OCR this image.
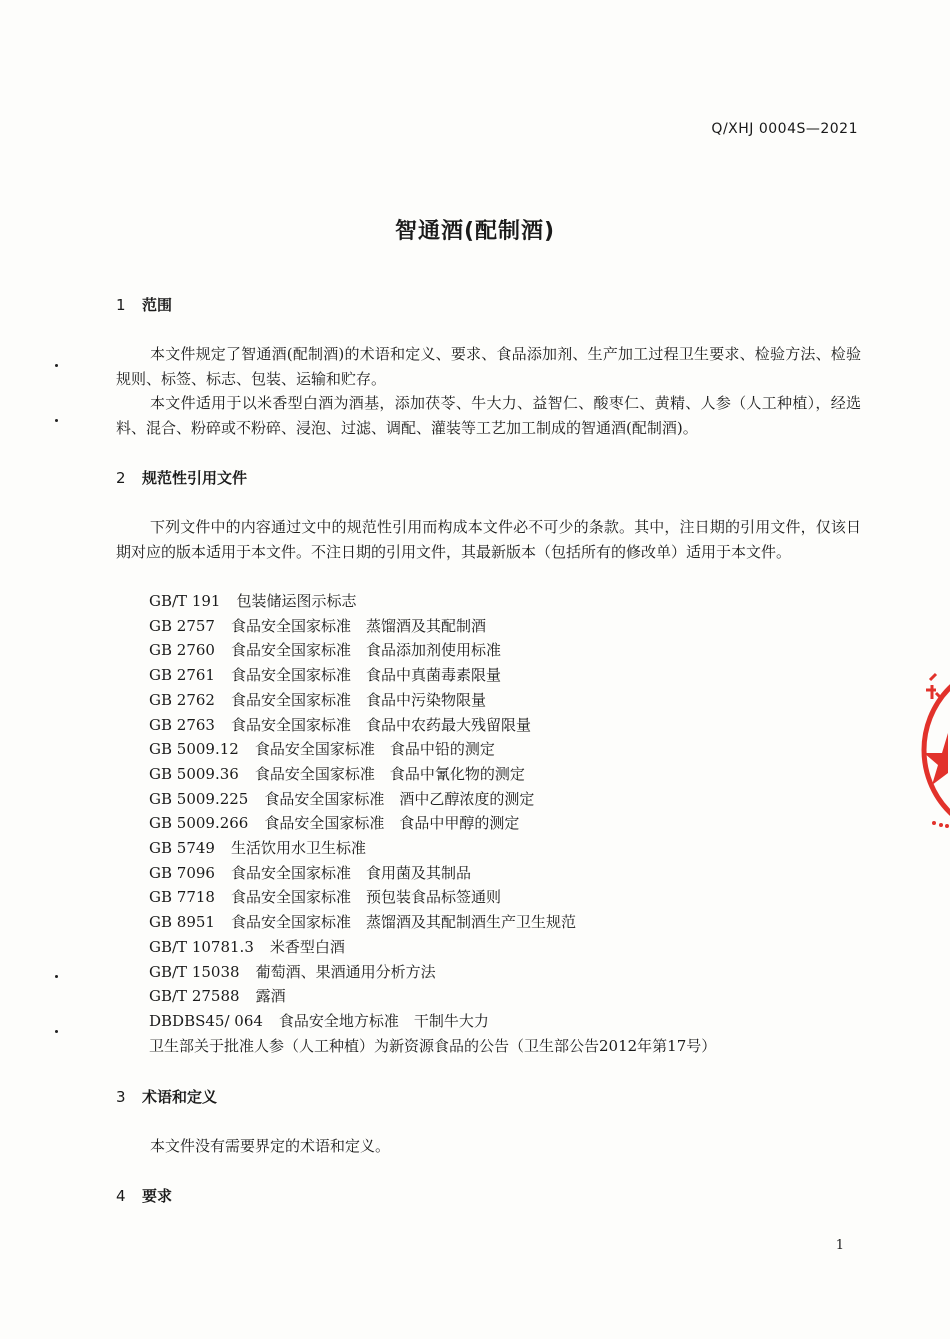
Q/XHJ 0004S—2021
智通酒(配制酒)
1 范围
本文件规定了智通酒(配制酒)的术语和定义、要求、食品添加剂、生产加工过程卫生要求、检验方法、检验规则、标签、标志、包装、运输和贮存。
本文件适用于以米香型白酒为酒基，添加茯苓、牛大力、益智仁、酸枣仁、黄精、人参（人工种植），经选料、混合、粉碎或不粉碎、浸泡、过滤、调配、灌装等工艺加工制成的智通酒(配制酒)。
2 规范性引用文件
下列文件中的内容通过文中的规范性引用而构成本文件必不可少的条款。其中，注日期的引用文件，仅该日期对应的版本适用于本文件。不注日期的引用文件，其最新版本（包括所有的修改单）适用于本文件。
GB/T 191 包装储运图示标志
GB 2757 食品安全国家标准　蒸馏酒及其配制酒
GB 2760 食品安全国家标准　食品添加剂使用标准
GB 2761 食品安全国家标准　食品中真菌毒素限量
GB 2762 食品安全国家标准　食品中污染物限量
GB 2763 食品安全国家标准　食品中农药最大残留限量
GB 5009.12 食品安全国家标准　食品中铅的测定
GB 5009.36 食品安全国家标准　食品中氰化物的测定
GB 5009.225 食品安全国家标准　酒中乙醇浓度的测定
GB 5009.266 食品安全国家标准　食品中甲醇的测定
GB 5749 生活饮用水卫生标准
GB 7096 食品安全国家标准　食用菌及其制品
GB 7718 食品安全国家标准　预包装食品标签通则
GB 8951 食品安全国家标准　蒸馏酒及其配制酒生产卫生规范
GB/T 10781.3 米香型白酒
GB/T 15038 葡萄酒、果酒通用分析方法
GB/T 27588 露酒
DBDBS45/ 064 食品安全地方标准　干制牛大力
卫生部关于批准人参（人工种植）为新资源食品的公告（卫生部公告2012年第17号）
3 术语和定义
本文件没有需要界定的术语和定义。
4 要求
1
